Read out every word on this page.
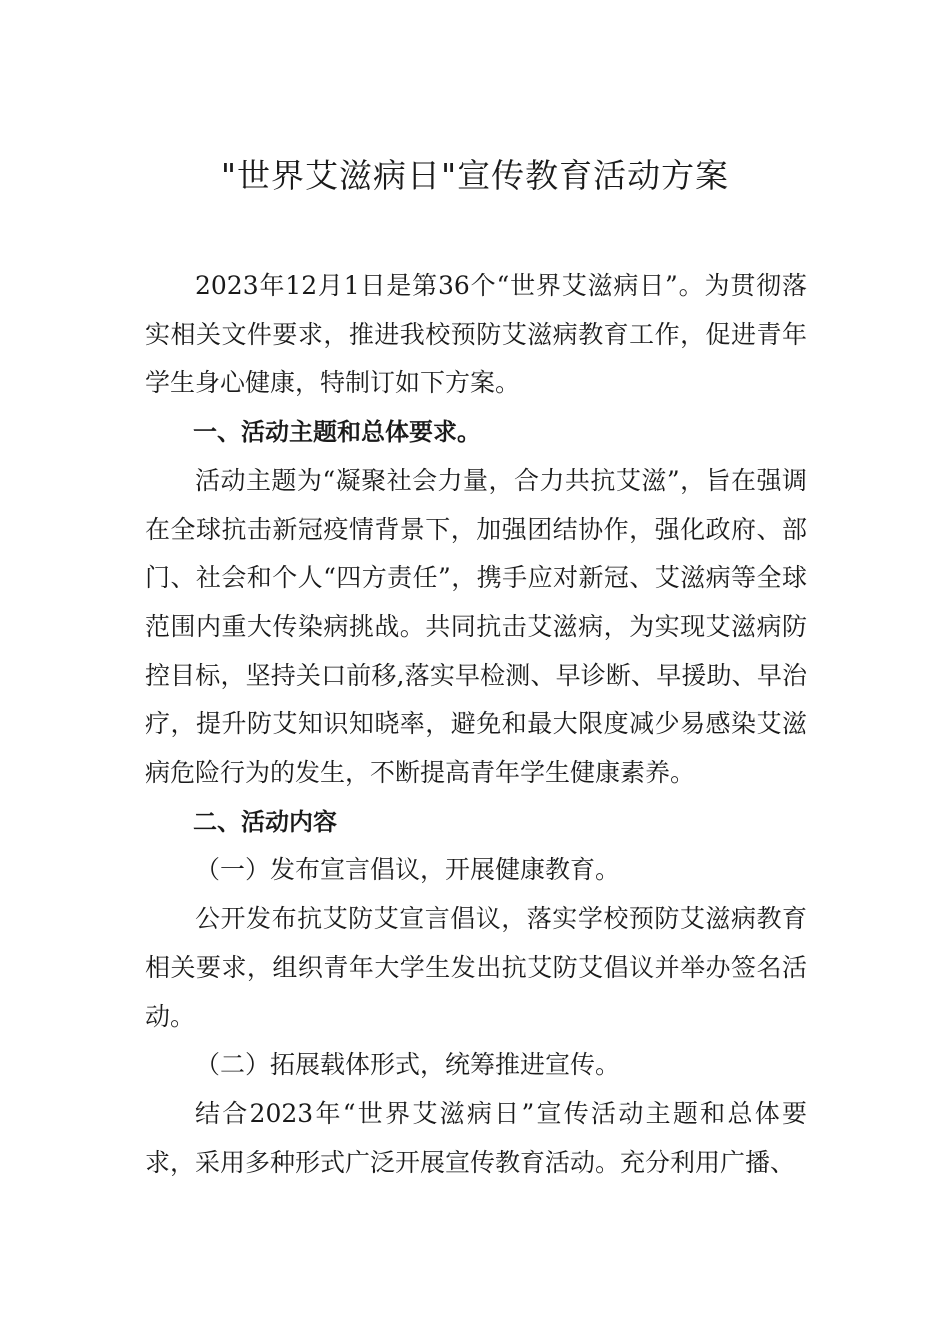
"世界艾滋病日"宣传教育活动方案

2023年12月1日是第36个“世界艾滋病日”。为贯彻落实相关文件要求，推进我校预防艾滋病教育工作，促进青年学生身心健康，特制订如下方案。

一、活动主题和总体要求。

活动主题为“凝聚社会力量，合力共抗艾滋”，旨在强调在全球抗击新冠疫情背景下，加强团结协作，强化政府、部门、社会和个人“四方责任”，携手应对新冠、艾滋病等全球范围内重大传染病挑战。共同抗击艾滋病，为实现艾滋病防控目标，坚持关口前移,落实早检测、早诊断、早援助、早治疗，提升防艾知识知晓率，避免和最大限度减少易感染艾滋病危险行为的发生，不断提高青年学生健康素养。

二、活动内容

（一）发布宣言倡议，开展健康教育。

公开发布抗艾防艾宣言倡议，落实学校预防艾滋病教育相关要求，组织青年大学生发出抗艾防艾倡议并举办签名活动。

（二）拓展载体形式，统筹推进宣传。

结合2023年“世界艾滋病日”宣传活动主题和总体要求，采用多种形式广泛开展宣传教育活动。充分利用广播、
